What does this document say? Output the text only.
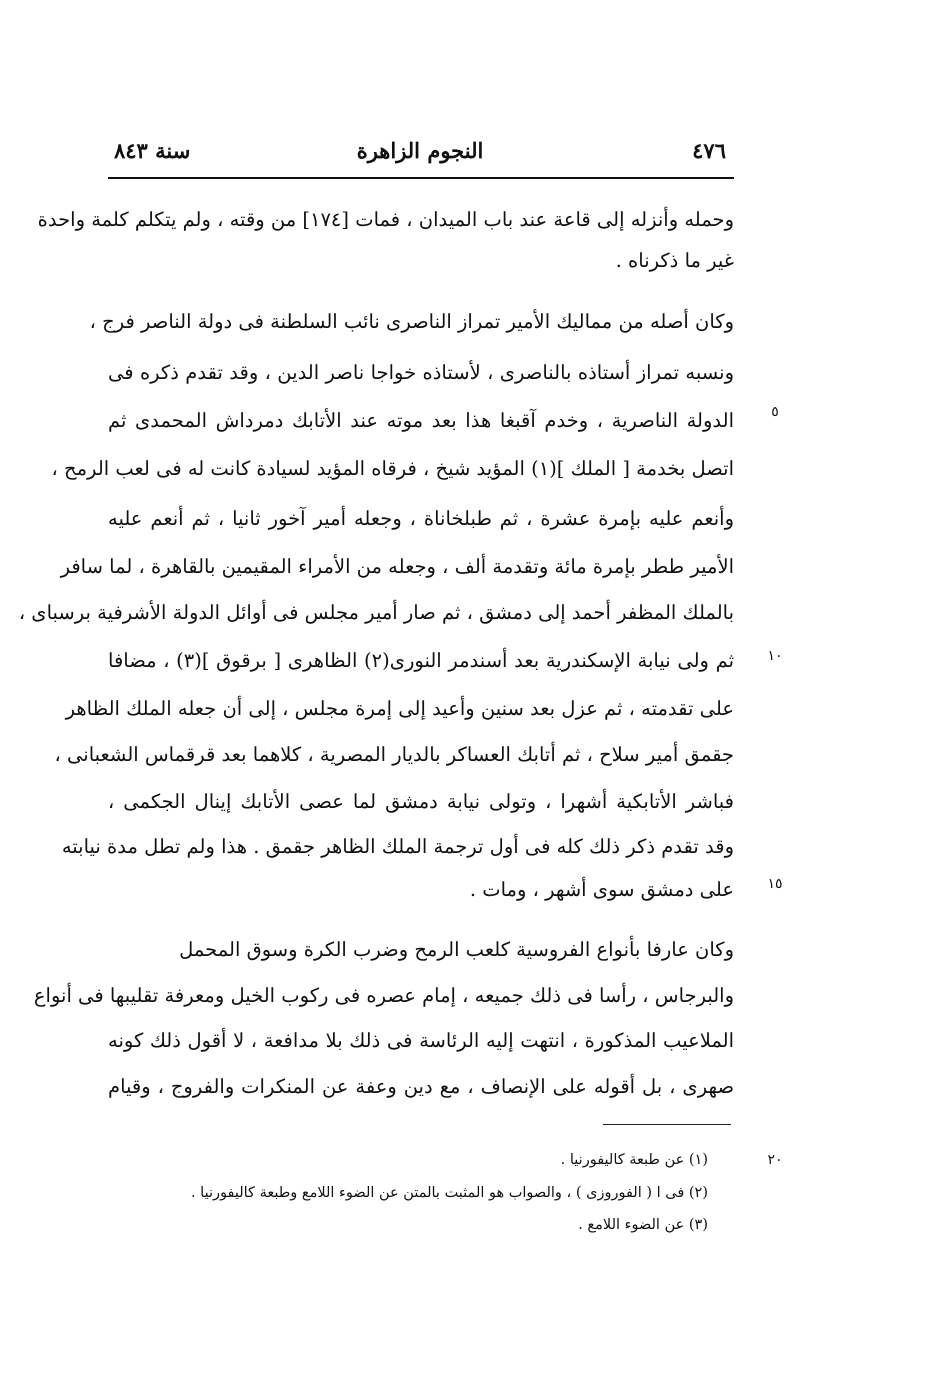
٤٧٦
النجوم الزاهرة
سنة ٨٤٣
وحمله وأنزله إلى قاعة عند باب الميدان ، فمات [١٧٤] من وقته ، ولم يتكلم كلمة واحدة
غير ما ذكرناه .
وكان أصله من مماليك الأمير تمراز الناصرى نائب السلطنة فى دولة الناصر فرج ،
ونسبه تمراز أستاذه بالناصرى ، لأستاذه خواجا ناصر الدين ، وقد تقدم ذكره فى
الدولة الناصرية ، وخدم آقبغا هذا بعد موته عند الأتابك دمرداش المحمدى ثم
اتصل بخدمة [ الملك ](١) المؤيد شيخ ، فرقاه المؤيد لسيادة كانت له فى لعب الرمح ،
وأنعم عليه بإمرة عشرة ، ثم طبلخاناة ، وجعله أمير آخور ثانيا ، ثم أنعم عليه
الأمير ططر بإمرة مائة وتقدمة ألف ، وجعله من الأمراء المقيمين بالقاهرة ، لما سافر
بالملك المظفر أحمد إلى دمشق ، ثم صار أمير مجلس فى أوائل الدولة الأشرفية برسباى ،
ثم ولى نيابة الإسكندرية بعد أسندمر النورى(٢) الظاهرى [ برقوق ](٣) ، مضافا
على تقدمته ، ثم عزل بعد سنين وأعيد إلى إمرة مجلس ، إلى أن جعله الملك الظاهر
جقمق أمير سلاح ، ثم أتابك العساكر بالديار المصرية ، كلاهما بعد قرقماس الشعبانى ،
فباشر الأتابكية أشهرا ، وتولى نيابة دمشق لما عصى الأتابك إينال الجكمى ،
وقد تقدم ذكر ذلك كله فى أول ترجمة الملك الظاهر جقمق . هذا ولم تطل مدة نيابته
على دمشق سوى أشهر ، ومات .
وكان عارفا بأنواع الفروسية كلعب الرمح وضرب الكرة وسوق المحمل
والبرجاس ، رأسا فى ذلك جميعه ، إمام عصره فى ركوب الخيل ومعرفة تقليبها فى أنواع
الملاعيب المذكورة ، انتهت إليه الرئاسة فى ذلك بلا مدافعة ، لا أقول ذلك كونه
صهرى ، بل أقوله على الإنصاف ، مع دين وعفة عن المنكرات والفروج ، وقيام
٥
١٠
١٥
٢٠
(١) عن طبعة كاليفورنيا .
(٢) فى ا ( الفوروزى ) ، والصواب هو المثبت بالمتن عن الضوء اللامع وطبعة كاليفورنيا .
(٣) عن الضوء اللامع .
